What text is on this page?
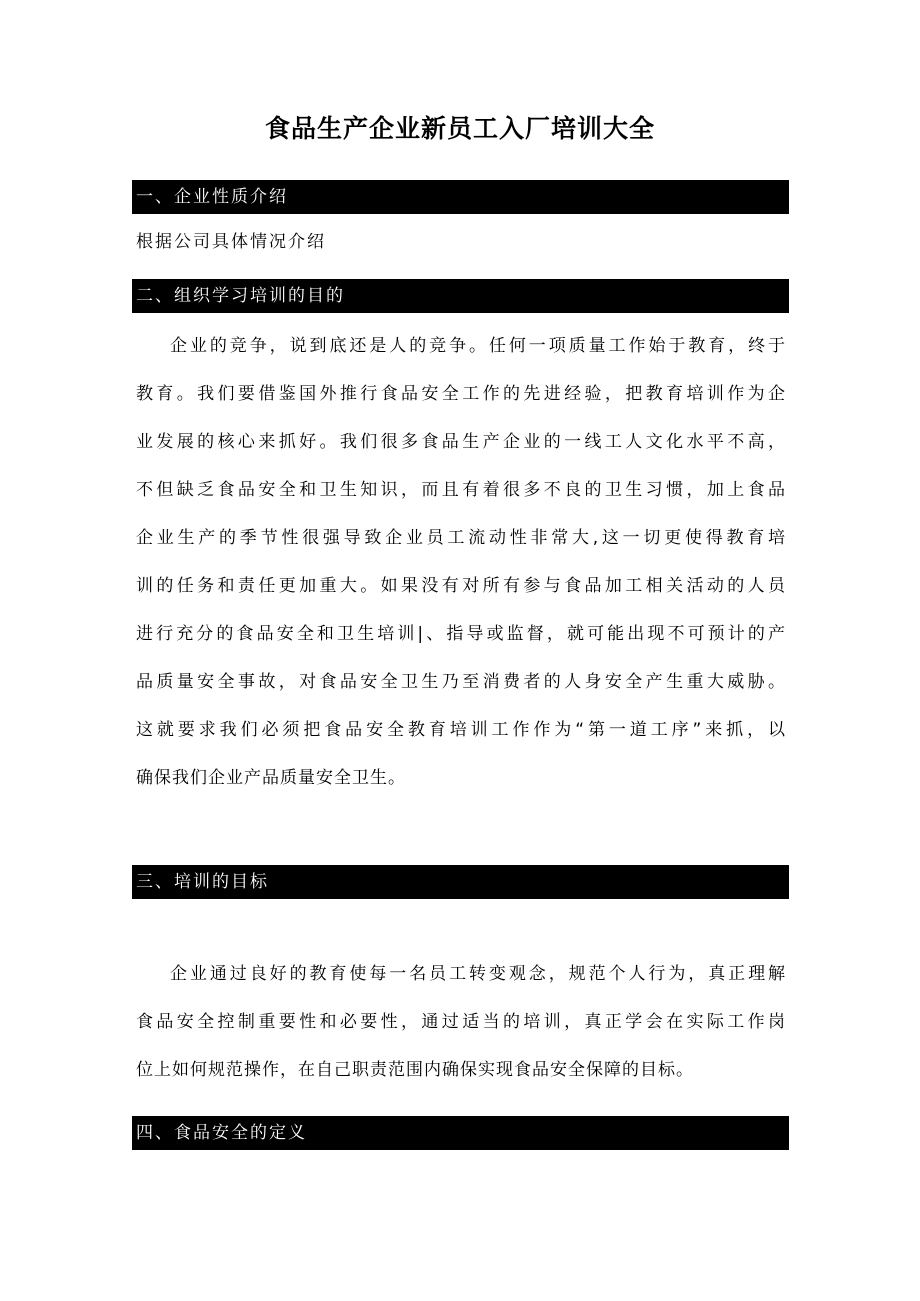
食品生产企业新员工入厂培训大全
一、企业性质介绍
根据公司具体情况介绍
二、组织学习培训的目的
企业的竞争，说到底还是人的竞争。任何一项质量工作始于教育，终于
教育。我们要借鉴国外推行食品安全工作的先进经验，把教育培训作为企
业发展的核心来抓好。我们很多食品生产企业的一线工人文化水平不高，
不但缺乏食品安全和卫生知识，而且有着很多不良的卫生习惯，加上食品
企业生产的季节性很强导致企业员工流动性非常大,这一切更使得教育培
训的任务和责任更加重大。如果没有对所有参与食品加工相关活动的人员
进行充分的食品安全和卫生培训|、指导或监督，就可能出现不可预计的产
品质量安全事故，对食品安全卫生乃至消费者的人身安全产生重大威胁。
这就要求我们必须把食品安全教育培训工作作为“第一道工序”来抓，以
确保我们企业产品质量安全卫生。
三、培训的目标
企业通过良好的教育使每一名员工转变观念，规范个人行为，真正理解
食品安全控制重要性和必要性，通过适当的培训，真正学会在实际工作岗
位上如何规范操作，在自己职责范围内确保实现食品安全保障的目标。
四、食品安全的定义
